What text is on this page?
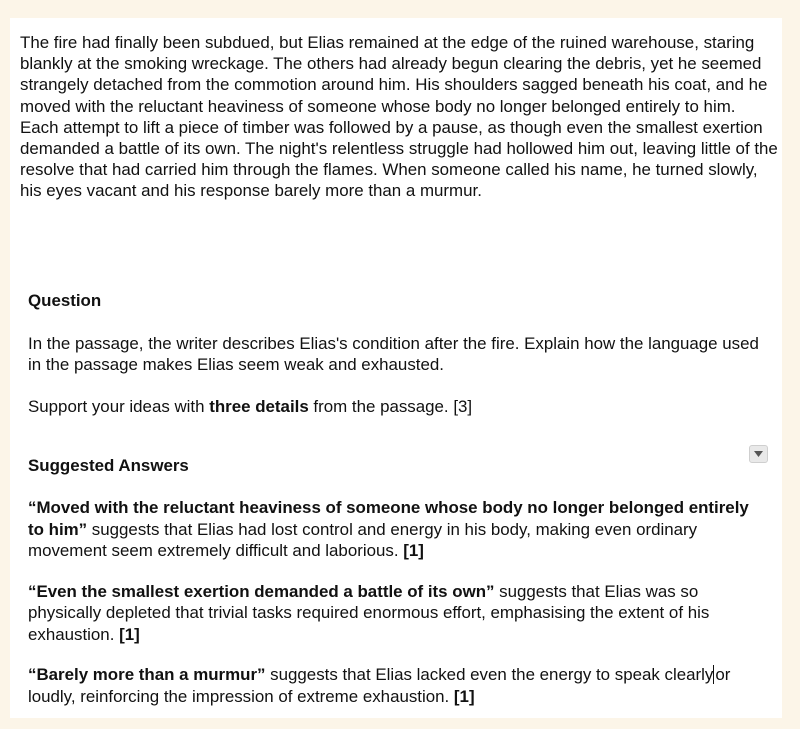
The fire had finally been subdued, but Elias remained at the edge of the ruined warehouse, staring blankly at the smoking wreckage. The others had already begun clearing the debris, yet he seemed strangely detached from the commotion around him. His shoulders sagged beneath his coat, and he moved with the reluctant heaviness of someone whose body no longer belonged entirely to him. Each attempt to lift a piece of timber was followed by a pause, as though even the smallest exertion demanded a battle of its own. The night's relentless struggle had hollowed him out, leaving little of the resolve that had carried him through the flames. When someone called his name, he turned slowly, his eyes vacant and his response barely more than a murmur.

Question

In the passage, the writer describes Elias's condition after the fire. Explain how the language used in the passage makes Elias seem weak and exhausted.

Support your ideas with three details from the passage. [3]

Suggested Answers

“Moved with the reluctant heaviness of someone whose body no longer belonged entirely to him” suggests that Elias had lost control and energy in his body, making even ordinary movement seem extremely difficult and laborious. [1]

“Even the smallest exertion demanded a battle of its own” suggests that Elias was so physically depleted that trivial tasks required enormous effort, emphasising the extent of his exhaustion. [1]

“Barely more than a murmur” suggests that Elias lacked even the energy to speak clearly or loudly, reinforcing the impression of extreme exhaustion. [1]
